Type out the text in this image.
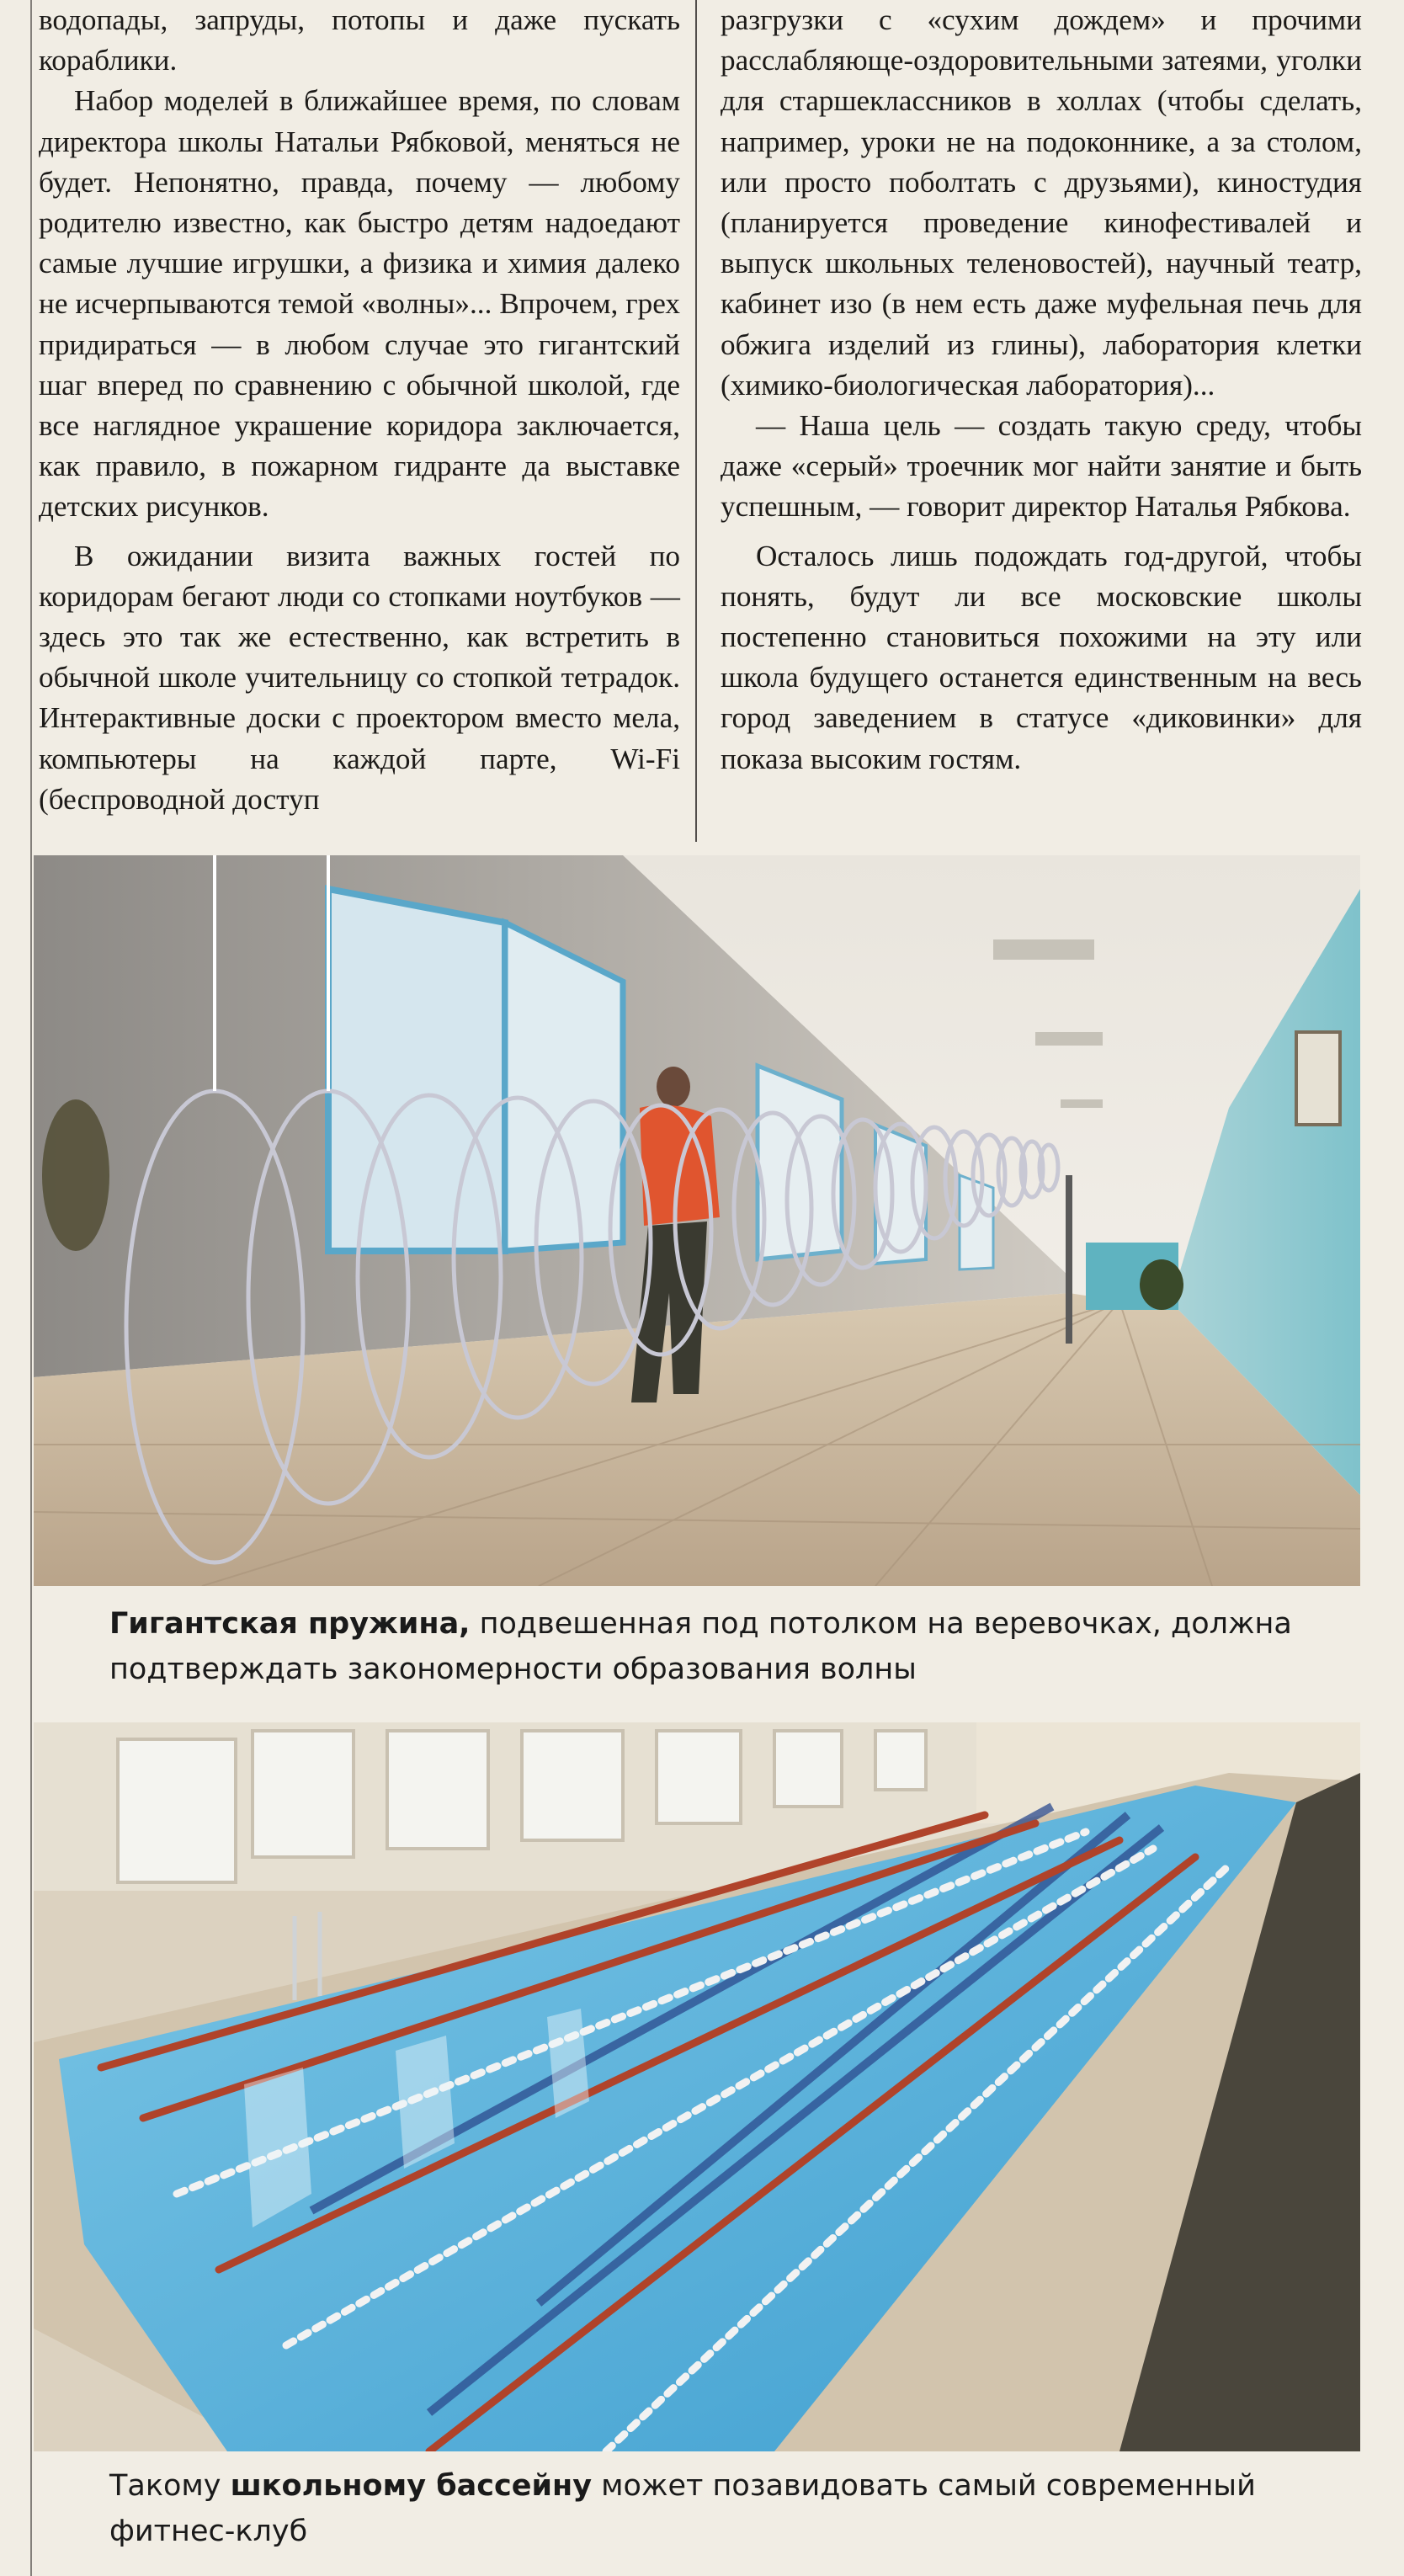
водопады, запруды, потопы и даже пускать кораблики.

Набор моделей в ближайшее время, по словам директора школы Натальи Рябковой, меняться не будет. Непонятно, правда, почему — любому родителю известно, как быстро детям надоедают самые лучшие игрушки, а физика и химия далеко не исчерпываются темой «волны»... Впрочем, грех придираться — в любом случае это гигантский шаг вперед по сравнению с обычной школой, где все наглядное украшение коридора заключается, как правило, в пожарном гидранте да выставке детских рисунков.

В ожидании визита важных гостей по коридорам бегают люди со стопками ноутбуков — здесь это так же естественно, как встретить в обычной школе учительницу со стопкой тетрадок. Интерактивные доски с проектором вместо мела, компьютеры на каждой парте, Wi-Fi (беспроводной доступ

разгрузки с «сухим дождем» и прочими расслабляюще-оздоровительными затеями, уголки для старшеклассников в холлах (чтобы сделать, например, уроки не на подоконнике, а за столом, или просто поболтать с друзьями), киностудия (планируется проведение кинофестивалей и выпуск школьных теленовостей), научный театр, кабинет изо (в нем есть даже муфельная печь для обжига изделий из глины), лаборатория клетки (химико-биологическая лаборатория)...

— Наша цель — создать такую среду, чтобы даже «серый» троечник мог найти занятие и быть успешным, — говорит директор Наталья Рябкова.

Осталось лишь подождать год-другой, чтобы понять, будут ли все московские школы постепенно становиться похожими на эту или школа будущего останется единственным на весь город заведением в статусе «диковинки» для показа высоким гостям.

Гигантская пружина, подвешенная под потолком на веревочках, должна
подтверждать закономерности образования волны
Такому школьному бассейну может позавидовать самый современный
фитнес-клуб
